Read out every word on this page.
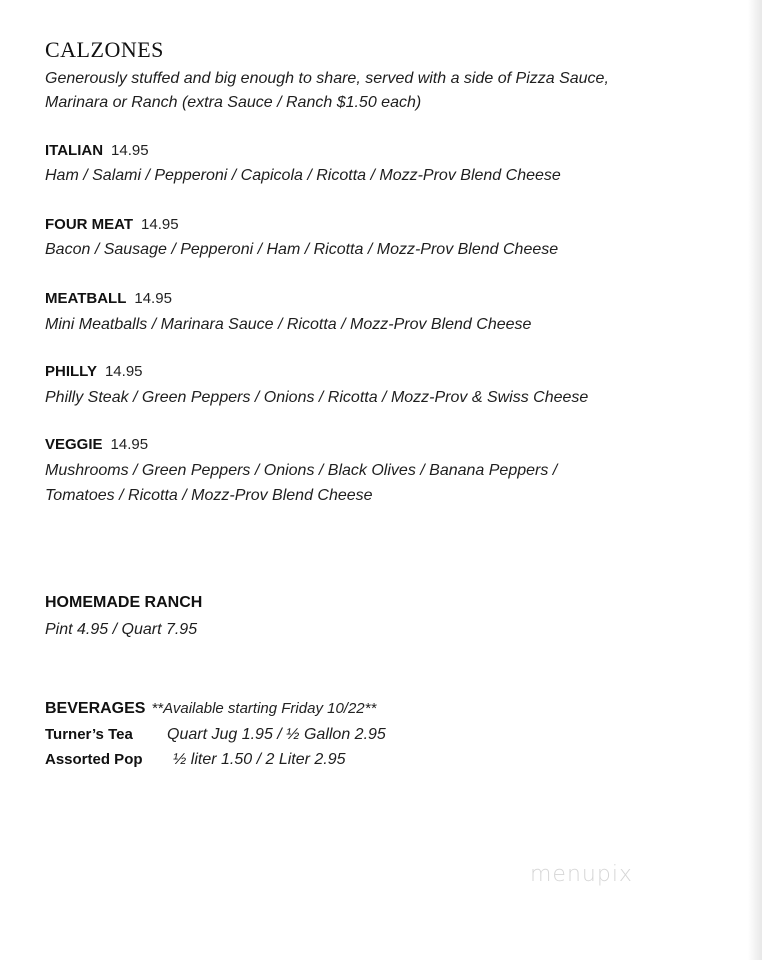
CALZONES
Generously stuffed and big enough to share, served with a side of Pizza Sauce,
Marinara or Ranch (extra Sauce / Ranch $1.50 each)
ITALIAN 14.95
Ham / Salami / Pepperoni / Capicola / Ricotta / Mozz-Prov Blend Cheese
FOUR MEAT 14.95
Bacon / Sausage / Pepperoni / Ham / Ricotta / Mozz-Prov Blend Cheese
MEATBALL 14.95
Mini Meatballs / Marinara Sauce / Ricotta / Mozz-Prov Blend Cheese
PHILLY 14.95
Philly Steak / Green Peppers / Onions / Ricotta / Mozz-Prov & Swiss Cheese
VEGGIE 14.95
Mushrooms / Green Peppers / Onions / Black Olives / Banana Peppers /
Tomatoes / Ricotta / Mozz-Prov Blend Cheese
HOMEMADE RANCH
Pint 4.95 / Quart 7.95
BEVERAGES **Available starting Friday 10/22**
Turner’s Tea Quart Jug 1.95 / ½ Gallon 2.95
Assorted Pop ½ liter 1.50 / 2 Liter 2.95
menupix
